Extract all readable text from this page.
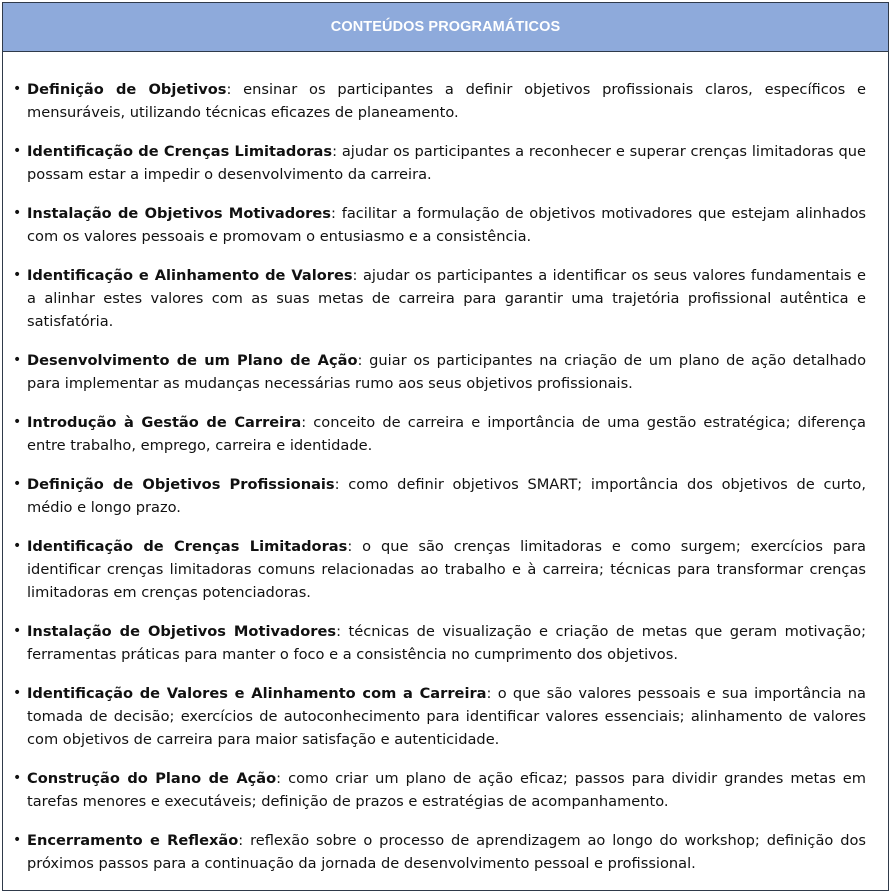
CONTEÚDOS PROGRAMÁTICOS
• Definição de Objetivos: ensinar os participantes a definir objetivos profissionais claros, específicos e mensuráveis, utilizando técnicas eficazes de planeamento.
• Identificação de Crenças Limitadoras: ajudar os participantes a reconhecer e superar crenças limitadoras que possam estar a impedir o desenvolvimento da carreira.
• Instalação de Objetivos Motivadores: facilitar a formulação de objetivos motivadores que estejam alinhados com os valores pessoais e promovam o entusiasmo e a consistência.
• Identificação e Alinhamento de Valores: ajudar os participantes a identificar os seus valores fundamentais e a alinhar estes valores com as suas metas de carreira para garantir uma trajetória profissional autêntica e satisfatória.
• Desenvolvimento de um Plano de Ação: guiar os participantes na criação de um plano de ação detalhado para implementar as mudanças necessárias rumo aos seus objetivos profissionais.
• Introdução à Gestão de Carreira: conceito de carreira e importância de uma gestão estratégica; diferença entre trabalho, emprego, carreira e identidade.
• Definição de Objetivos Profissionais: como definir objetivos SMART; importância dos objetivos de curto, médio e longo prazo.
• Identificação de Crenças Limitadoras: o que são crenças limitadoras e como surgem; exercícios para identificar crenças limitadoras comuns relacionadas ao trabalho e à carreira; técnicas para transformar crenças limitadoras em crenças potenciadoras.
• Instalação de Objetivos Motivadores: técnicas de visualização e criação de metas que geram motivação; ferramentas práticas para manter o foco e a consistência no cumprimento dos objetivos.
• Identificação de Valores e Alinhamento com a Carreira: o que são valores pessoais e sua importância na tomada de decisão; exercícios de autoconhecimento para identificar valores essenciais; alinhamento de valores com objetivos de carreira para maior satisfação e autenticidade.
• Construção do Plano de Ação: como criar um plano de ação eficaz; passos para dividir grandes metas em tarefas menores e executáveis; definição de prazos e estratégias de acompanhamento.
• Encerramento e Reflexão: reflexão sobre o processo de aprendizagem ao longo do workshop; definição dos próximos passos para a continuação da jornada de desenvolvimento pessoal e profissional.
